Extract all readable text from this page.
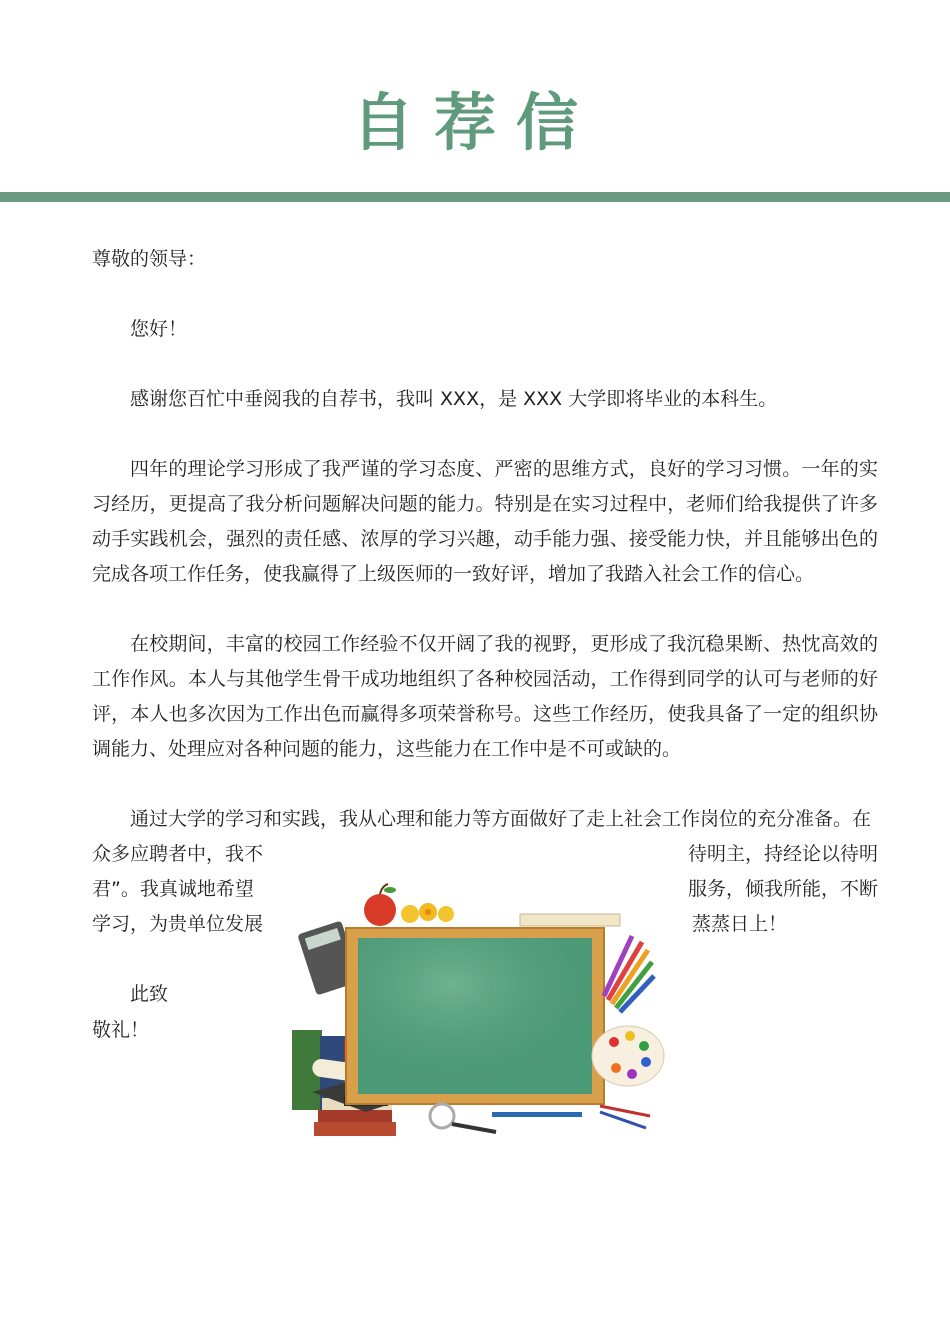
自荐信

尊敬的领导：

您好！

感谢您百忙中垂阅我的自荐书，我叫 XXX，是 XXX 大学即将毕业的本科生。

四年的理论学习形成了我严谨的学习态度、严密的思维方式，良好的学习习惯。一年的实习经历，更提高了我分析问题解决问题的能力。特别是在实习过程中，老师们给我提供了许多动手实践机会，强烈的责任感、浓厚的学习兴趣，动手能力强、接受能力快，并且能够出色的完成各项工作任务，使我赢得了上级医师的一致好评，增加了我踏入社会工作的信心。

在校期间，丰富的校园工作经验不仅开阔了我的视野，更形成了我沉稳果断、热忱高效的工作作风。本人与其他学生骨干成功地组织了各种校园活动，工作得到同学的认可与老师的好评，本人也多次因为工作出色而赢得多项荣誉称号。这些工作经历，使我具备了一定的组织协调能力、处理应对各种问题的能力，这些能力在工作中是不可或缺的。

通过大学的学习和实践，我从心理和能力等方面做好了走上社会工作岗位的充分准备。在

众多应聘者中，我不	待明主，持经论以待明

君”。我真诚地希望	服务，倾我所能，不断

学习，为贵单位发展	蒸蒸日上！

此致

敬礼！
